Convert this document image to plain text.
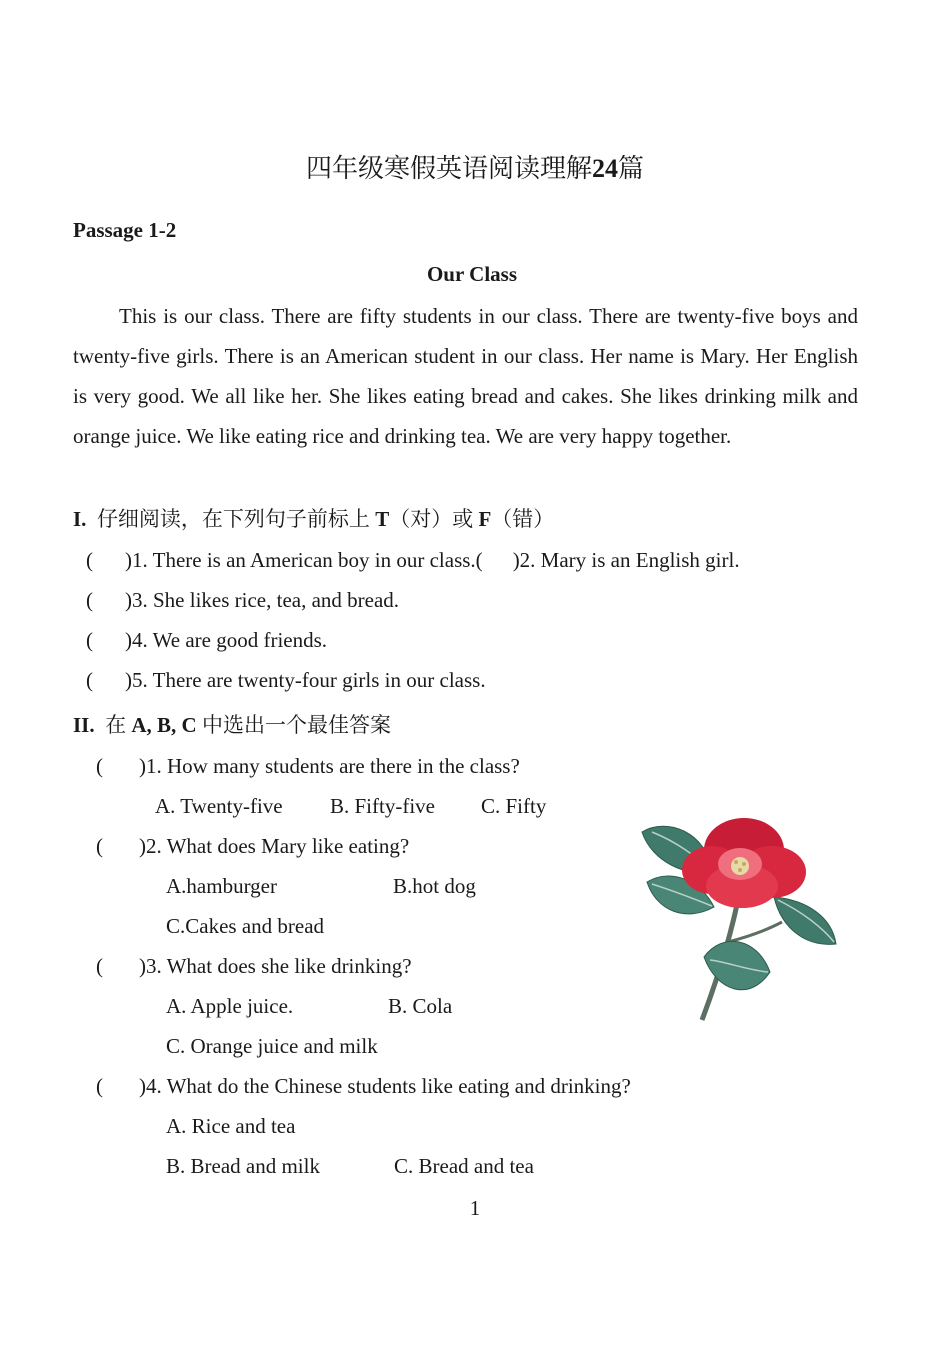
四年级寒假英语阅读理解24篇
Passage 1-2
Our Class
This is our class. There are fifty students in our class. There are twenty-five boys and twenty-five girls. There is an American student in our class. Her name is Mary. Her English is very good. We all like her. She likes eating bread and cakes. She likes drinking milk and orange juice. We like eating rice and drinking tea. We are very happy together.
I. 仔细阅读，在下列句子前标上 T（对）或 F（错）
( )1. There is an American boy in our class.( )2. Mary is an English girl.
( )3. She likes rice, tea, and bread.
( )4. We are good friends.
( )5. There are twenty-four girls in our class.
II. 在 A, B, C 中选出一个最佳答案
( )1. How many students are there in the class?
A. Twenty-five B. Fifty-five C. Fifty
( )2. What does Mary like eating?
A.hamburger	B.hot dog
C.Cakes and bread
( )3. What does she like drinking?
A. Apple juice.	B. Cola
C. Orange juice and milk
( )4. What do the Chinese students like eating and drinking?
A. Rice and tea
B. Bread and milk	C. Bread and tea
1
